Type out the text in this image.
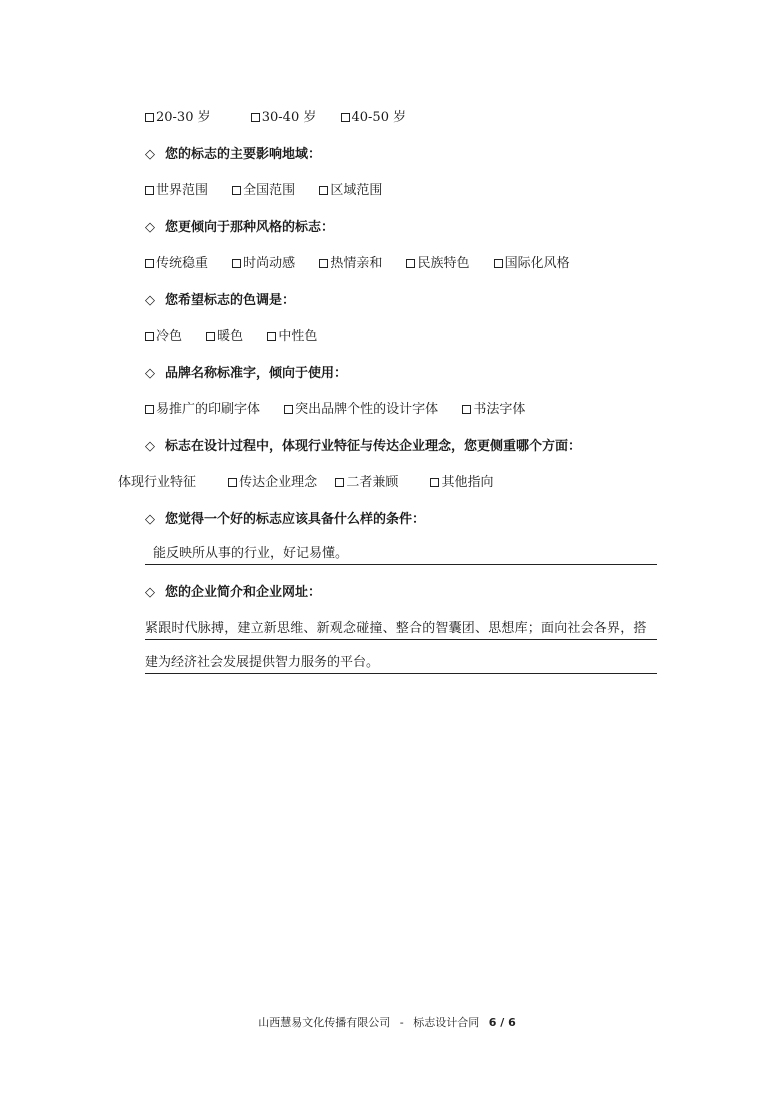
20-30 岁	30-40 岁	40-50 岁
◇ 您的标志的主要影响地域：
世界范围	全国范围	区域范围
◇ 您更倾向于那种风格的标志：
传统稳重	时尚动感	热情亲和	民族特色	国际化风格
◇ 您希望标志的色调是：
冷色	暖色	中性色
◇ 品牌名称标准字，倾向于使用：
易推广的印刷字体	突出品牌个性的设计字体	书法字体
◇ 标志在设计过程中，体现行业特征与传达企业理念，您更侧重哪个方面：
体现行业特征	传达企业理念 二者兼顾	其他指向
◇ 您觉得一个好的标志应该具备什么样的条件：
能反映所从事的行业，好记易懂。
◇ 您的企业简介和企业网址：
紧跟时代脉搏，建立新思维、新观念碰撞、整合的智囊团、思想库；面向社会各界，搭
建为经济社会发展提供智力服务的平台。
山西慧易文化传播有限公司 - 标志设计合同 6 / 6
